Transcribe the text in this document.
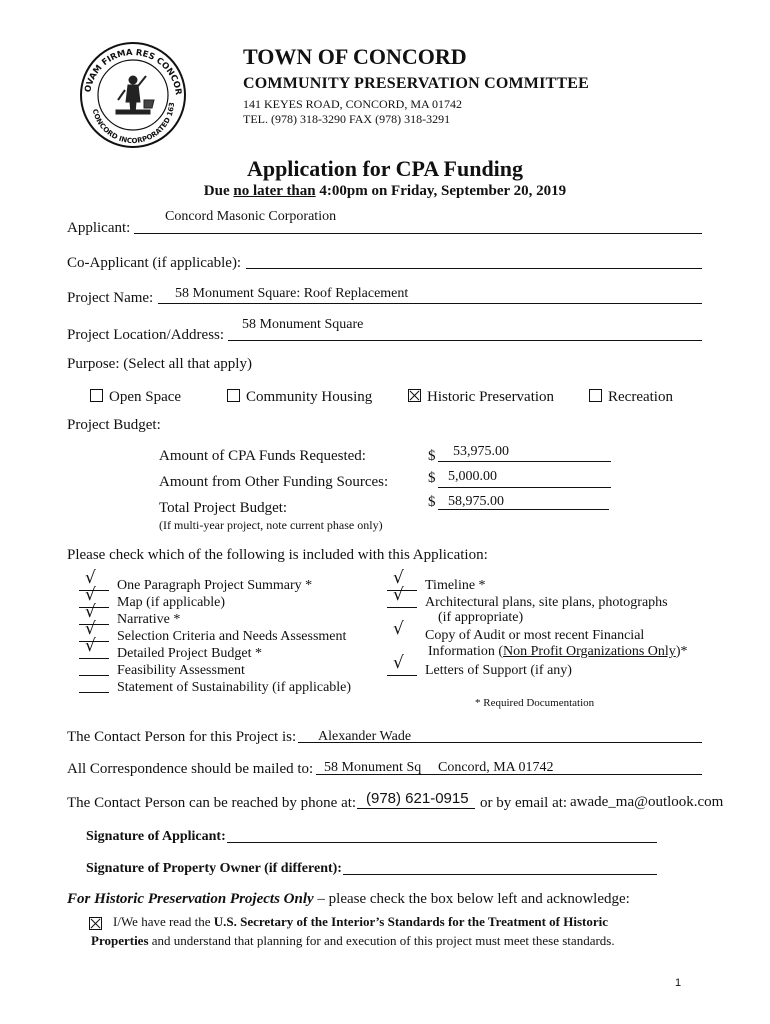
OVAM FIRMA RES CONCOR
CONCORD INCORPORATED 163
TOWN OF CONCORD
COMMUNITY PRESERVATION COMMITTEE
141 KEYES ROAD, CONCORD, MA 01742
TEL. (978) 318-3290 FAX (978) 318-3291
Application for CPA Funding
Due no later than 4:00pm on Friday, September 20, 2019
Applicant:
Concord Masonic Corporation
Co-Applicant (if applicable):
Project Name: 58 Monument Square: Roof Replacement
Project Location/Address:
58 Monument Square
Purpose: (Select all that apply)
Open Space	Community Housing	Historic Preservation	Recreation
Project Budget:
Amount of CPA Funds Requested:	$ 53,975.00
Amount from Other Funding Sources:	$ 5,000.00
Total Project Budget:	$ 58,975.00
(If multi-year project, note current phase only)
Please check which of the following is included with this Application:
√ One Paragraph Project Summary *
√ Map (if applicable)
√ Narrative *
√ Selection Criteria and Needs Assessment
√ Detailed Project Budget *
Feasibility Assessment
Statement of Sustainability (if applicable)
√ Timeline *
√ Architectural plans, site plans, photographs
(if appropriate)
√ Copy of Audit or most recent Financial
Information (Non Profit Organizations Only)*
√ Letters of Support (if any)
* Required Documentation
The Contact Person for this Project is: Alexander Wade
All Correspondence should be mailed to: 58 Monument Sq Concord, MA 01742
The Contact Person can be reached by phone at: (978) 621-0915 or by email at: awade_ma@outlook.com
Signature of Applicant:
Signature of Property Owner (if different):
For Historic Preservation Projects Only – please check the box below left and acknowledge:
I/We have read the U.S. Secretary of the Interior’s Standards for the Treatment of Historic
Properties and understand that planning for and execution of this project must meet these standards.
1
